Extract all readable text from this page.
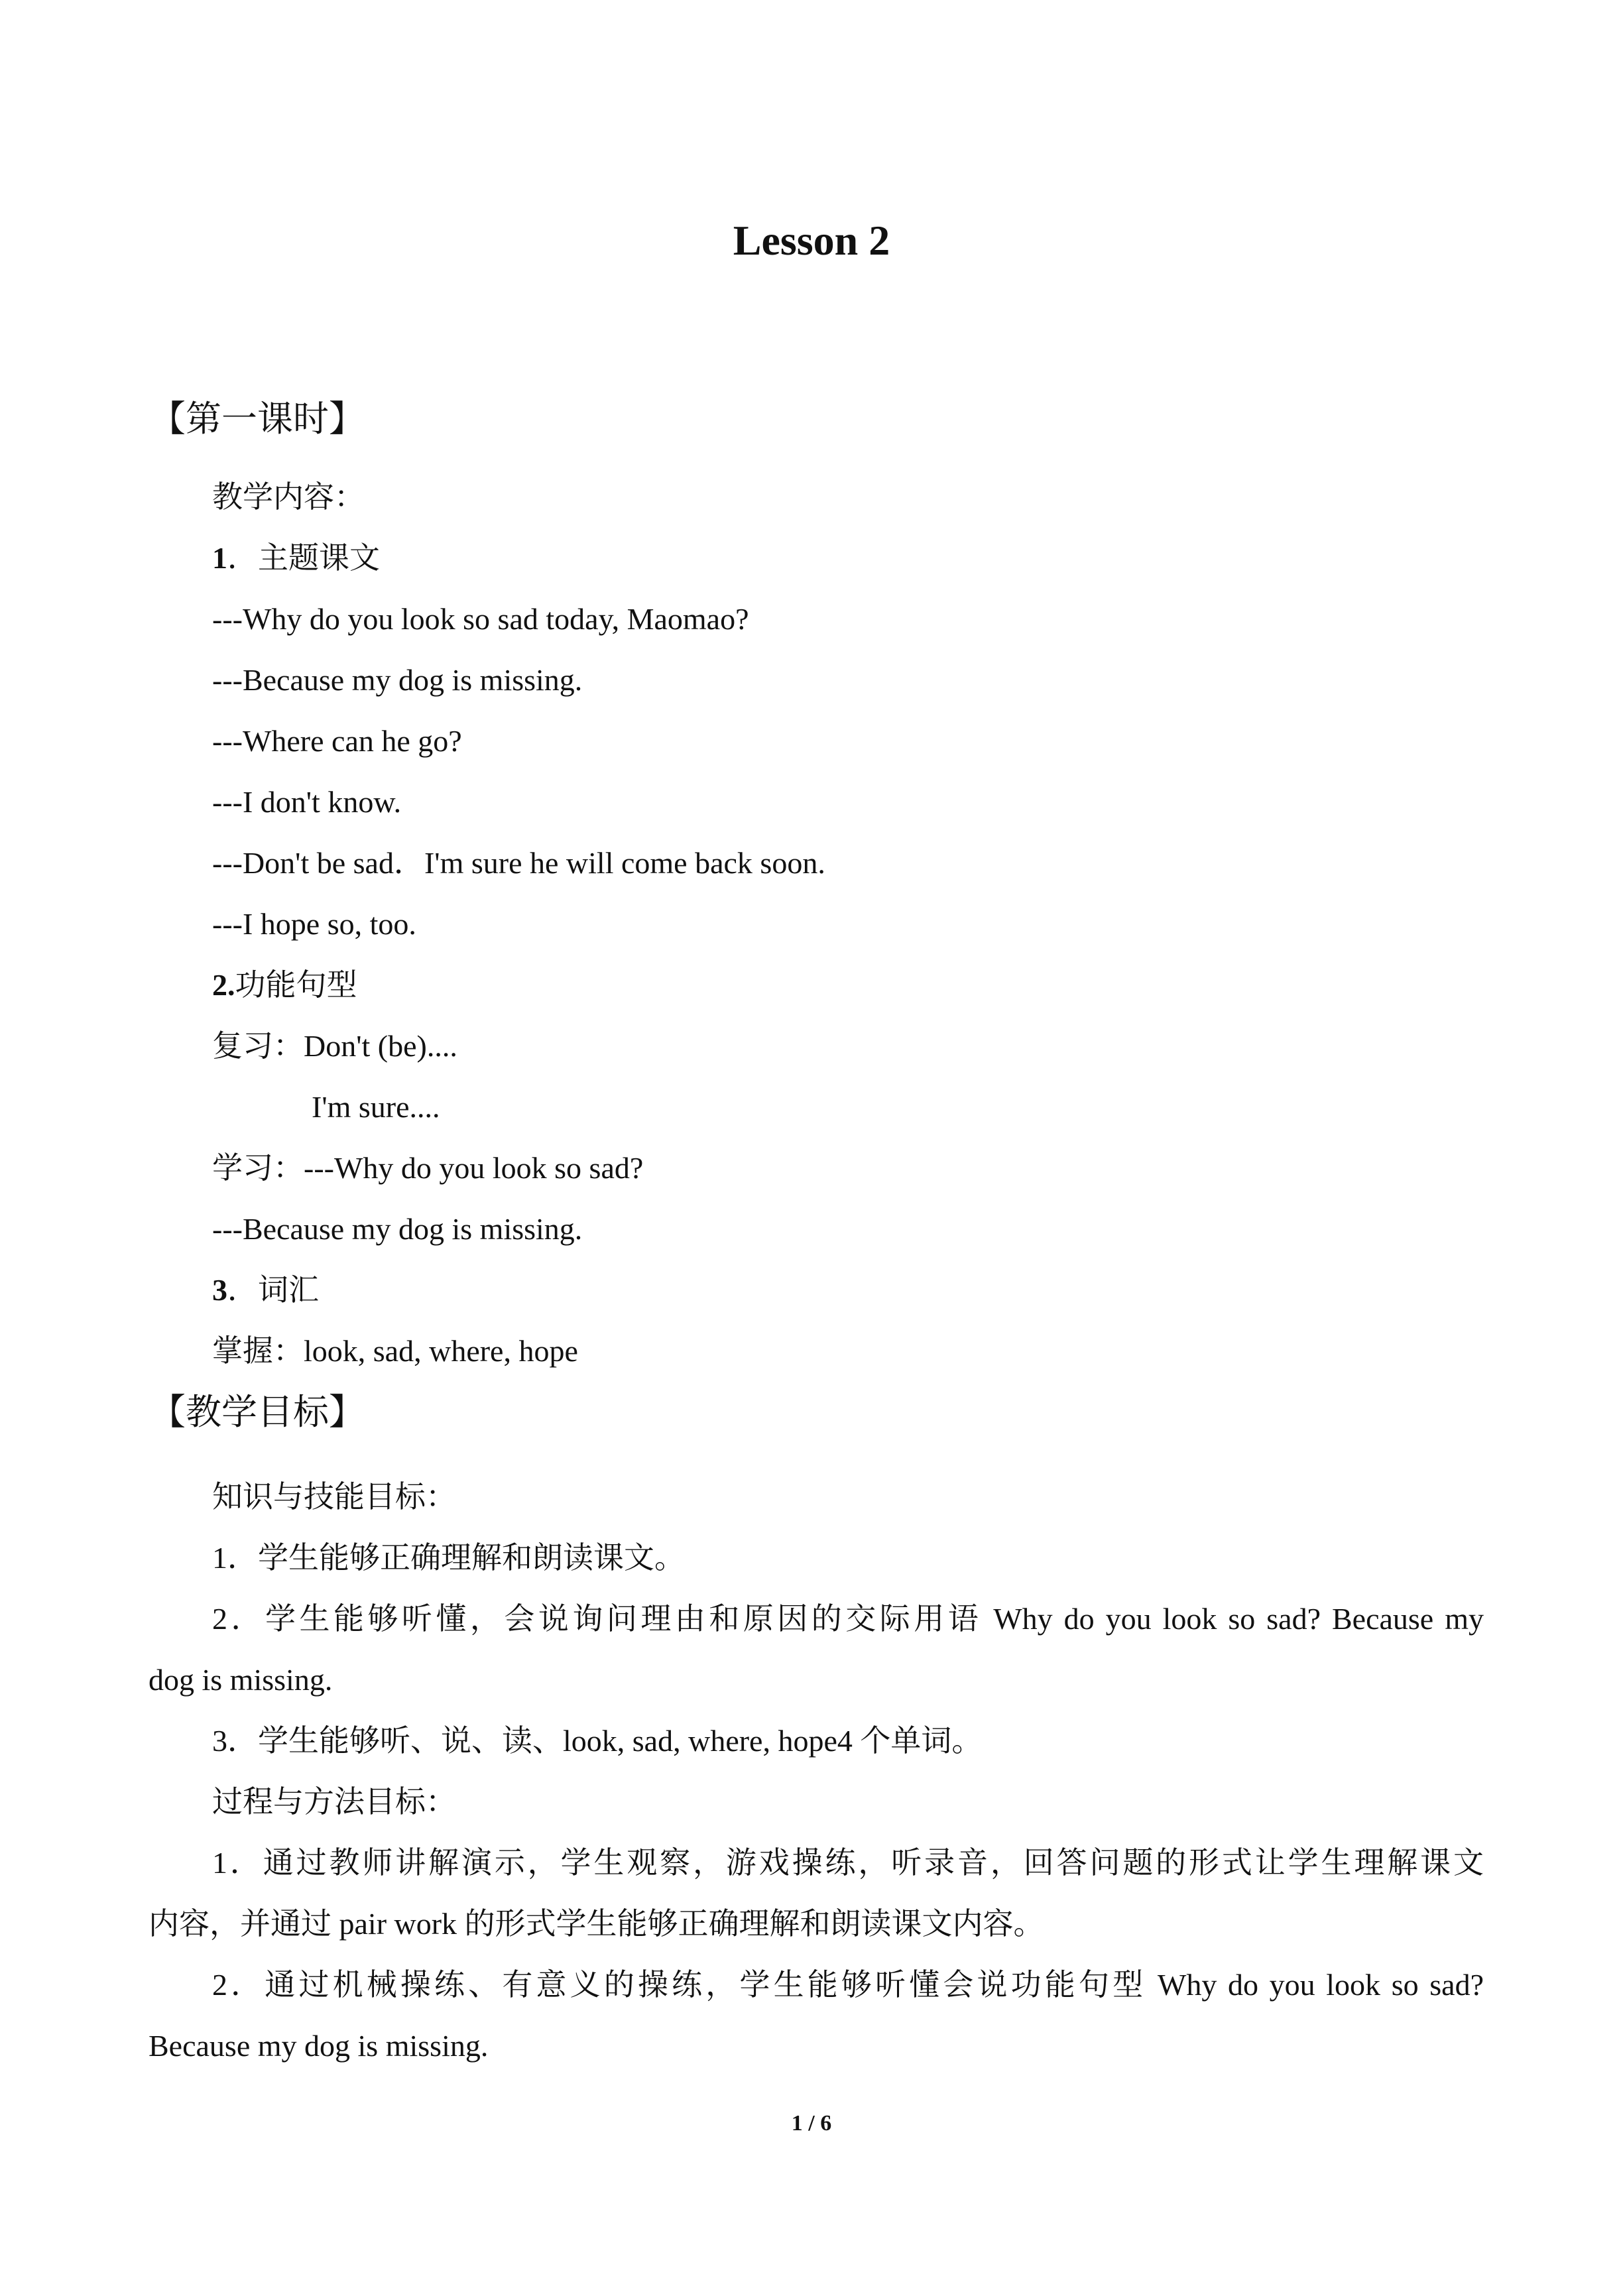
Lesson 2

【第一课时】

教学内容：

1．主题课文

---Why do you look so sad today, Maomao?

---Because my dog is missing.

---Where can he go?

---I don't know.

---Don't be sad．I'm sure he will come back soon.

---I hope so, too.

2.功能句型

复习：Don't (be)....

I'm sure....

学习：---Why do you look so sad?

---Because my dog is missing.

3．词汇

掌握：look, sad, where, hope

【教学目标】

知识与技能目标：

1．学生能够正确理解和朗读课文。

2．学生能够听懂，会说询问理由和原因的交际用语 Why do you look so sad? Because my

dog is missing.

3．学生能够听、说、读、look, sad, where, hope4 个单词。

过程与方法目标：

1．通过教师讲解演示，学生观察，游戏操练，听录音，回答问题的形式让学生理解课文

内容，并通过 pair work 的形式学生能够正确理解和朗读课文内容。

2．通过机械操练、有意义的操练，学生能够听懂会说功能句型 Why do you look so sad?

Because my dog is missing.

1 / 6
